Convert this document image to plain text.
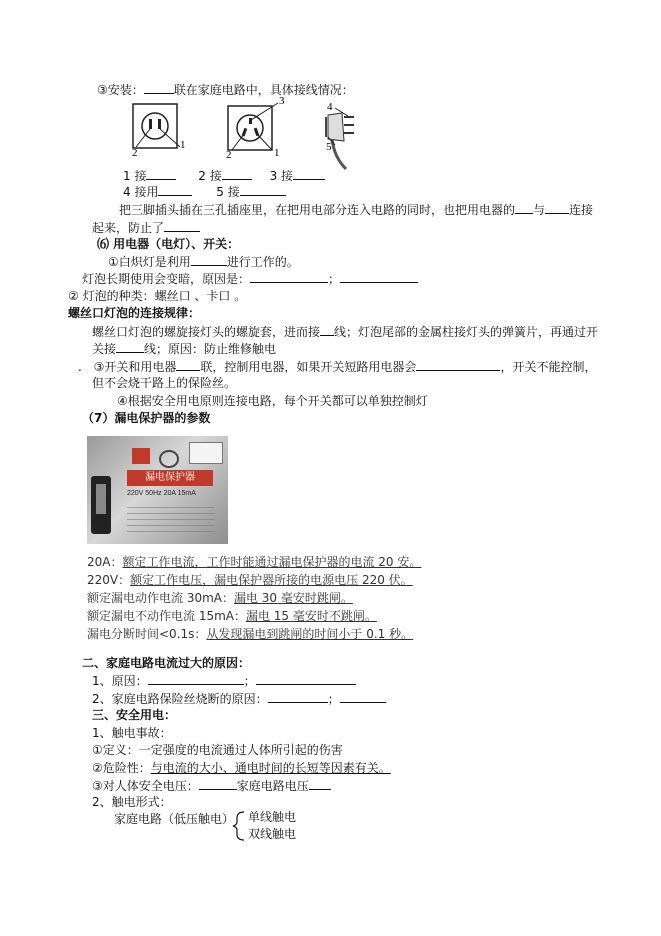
③安装：	联在家庭电路中，具体接线情况：
2
1
3
2	1
4
5
1 接	2 接	3 接
4 接用	5 接
把三脚插头插在三孔插座里，在把用电部分连入电路的同时，也把用电器的 与 连接
起来，防止了
⑹ 用电器（电灯）、开关：
①白炽灯是利用	进行工作的。
灯泡长期使用会变暗，原因是：	；
② 灯泡的种类：螺丝口 、卡口 。
螺丝口灯泡的连接规律：
螺丝口灯泡的螺旋接灯头的螺旋套，进而接 线；灯泡尾部的金属柱接灯头的弹簧片，再通过开
关接 线；原因：防止维修触电
. ③开关和用电器 联，控制用电器，如果开关短路用电器会	，开关不能控制，
但不会烧干路上的保险丝。
④根据安全用电原则连接电路，每个开关都可以单独控制灯
（7）漏电保护器的参数
漏电保护器
220V 50Hz 20A 15mA
20A：额定工作电流，工作时能通过漏电保护器的电流 20 安。
220V：额定工作电压，漏电保护器所接的电源电压 220 伏。
额定漏电动作电流 30mA：漏电 30 毫安时跳闸。
额定漏电不动作电流 15mA：漏电 15 毫安时不跳闸。
漏电分断时间<0.1s：从发现漏电到跳闸的时间小于 0.1 秒。
二、家庭电路电流过大的原因：
1、原因：	；
2、家庭电路保险丝烧断的原因：	；
三、安全用电：
1、触电事故：
①定义：一定强度的电流通过人体所引起的伤害
②危险性：与电流的大小、通电时间的长短等因素有关。
③对人体安全电压：	家庭电路电压
2、触电形式：
家庭电路（低压触电） 单线触电
双线触电
